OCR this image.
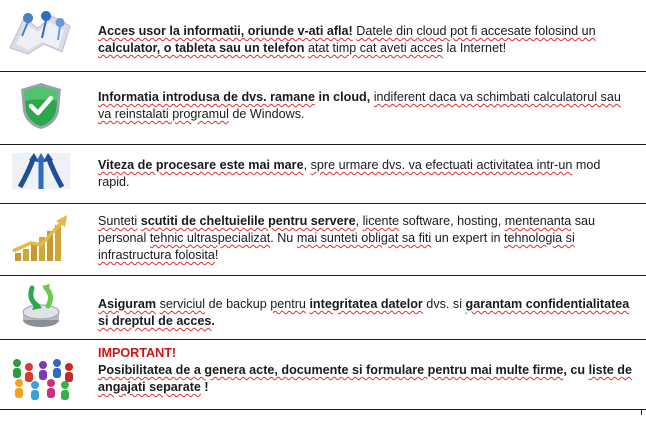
Acces usor la informatii, oriunde v-ati afla! Datele din cloud pot fi accesate folosind un calculator, o tableta sau un telefon atat timp cat aveti acces la Internet!
Informatia introdusa de dvs. ramane in cloud, indiferent daca va schimbati calculatorul sau va reinstalati programul de Windows.
Viteza de procesare este mai mare, spre urmare dvs. va efectuati activitatea intr-un mod rapid.
Sunteti scutiti de cheltuielile pentru servere, licente software, hosting, mentenanta sau personal tehnic ultraspecializat. Nu mai sunteti obligat sa fiti un expert in tehnologia si infrastructura folosita!
Asiguram serviciul de backup pentru integritatea datelor dvs. si garantam confidentialitatea si dreptul de acces.
IMPORTANT!
Posibilitatea de a genera acte, documente si formulare pentru mai multe firme, cu liste de angajati separate !
